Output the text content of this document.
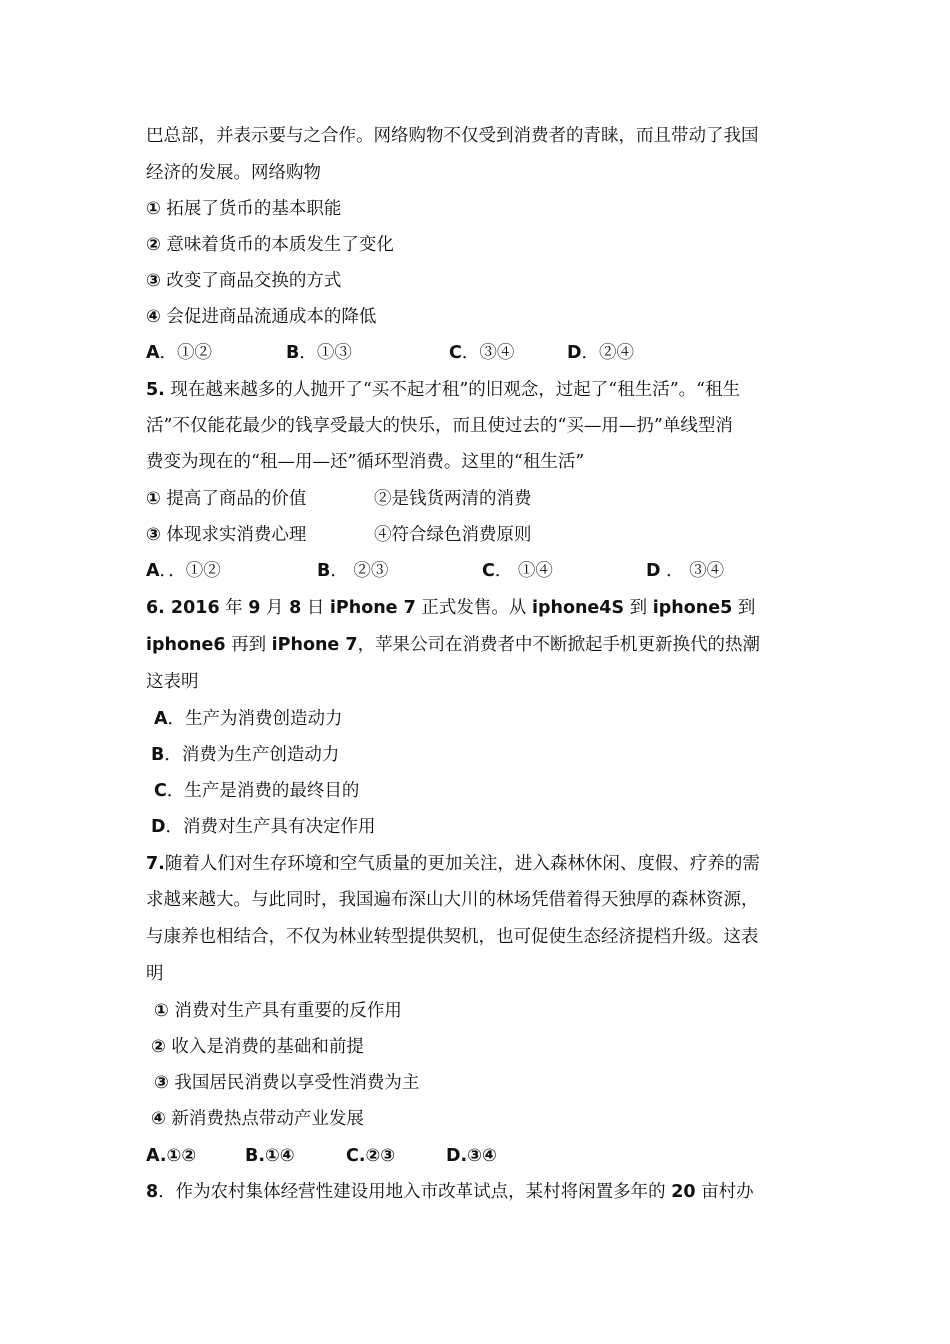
巴总部，并表示要与之合作。网络购物不仅受到消费者的青睐，而且带动了我国
经济的发展。网络购物
① 拓展了货币的基本职能
② 意味着货币的本质发生了变化
③ 改变了商品交换的方式
④ 会促进商品流通成本的降低
A．①②	B．①③	C．③④	D．②④
5. 现在越来越多的人抛开了“买不起才租”的旧观念，过起了“租生活”。“租生
活”不仅能花最少的钱享受最大的快乐，而且使过去的“买—用—扔”单线型消
费变为现在的“租—用—还”循环型消费。这里的“租生活”
① 提高了商品的价值	②是钱货两清的消费
③ 体现求实消费心理	④符合绿色消费原则
A．．①②	B． ②③	C． ①④	D ． ③④
6. 2016 年 9 月 8 日 iPhone 7 正式发售。从 iphone4S 到 iphone5 到
iphone6 再到 iPhone 7，苹果公司在消费者中不断掀起手机更新换代的热潮
这表明
A．生产为消费创造动力
B．消费为生产创造动力
C．生产是消费的最终目的
D．消费对生产具有决定作用
7.随着人们对生存环境和空气质量的更加关注，进入森林休闲、度假、疗养的需
求越来越大。与此同时，我国遍布深山大川的林场凭借着得天独厚的森林资源，
与康养也相结合，不仅为林业转型提供契机，也可促使生态经济提档升级。这表
明
① 消费对生产具有重要的反作用
② 收入是消费的基础和前提
③ 我国居民消费以享受性消费为主
④ 新消费热点带动产业发展
A.①②	B.①④	C.②③	D.③④
8．作为农村集体经营性建设用地入市改革试点，某村将闲置多年的 20 亩村办
